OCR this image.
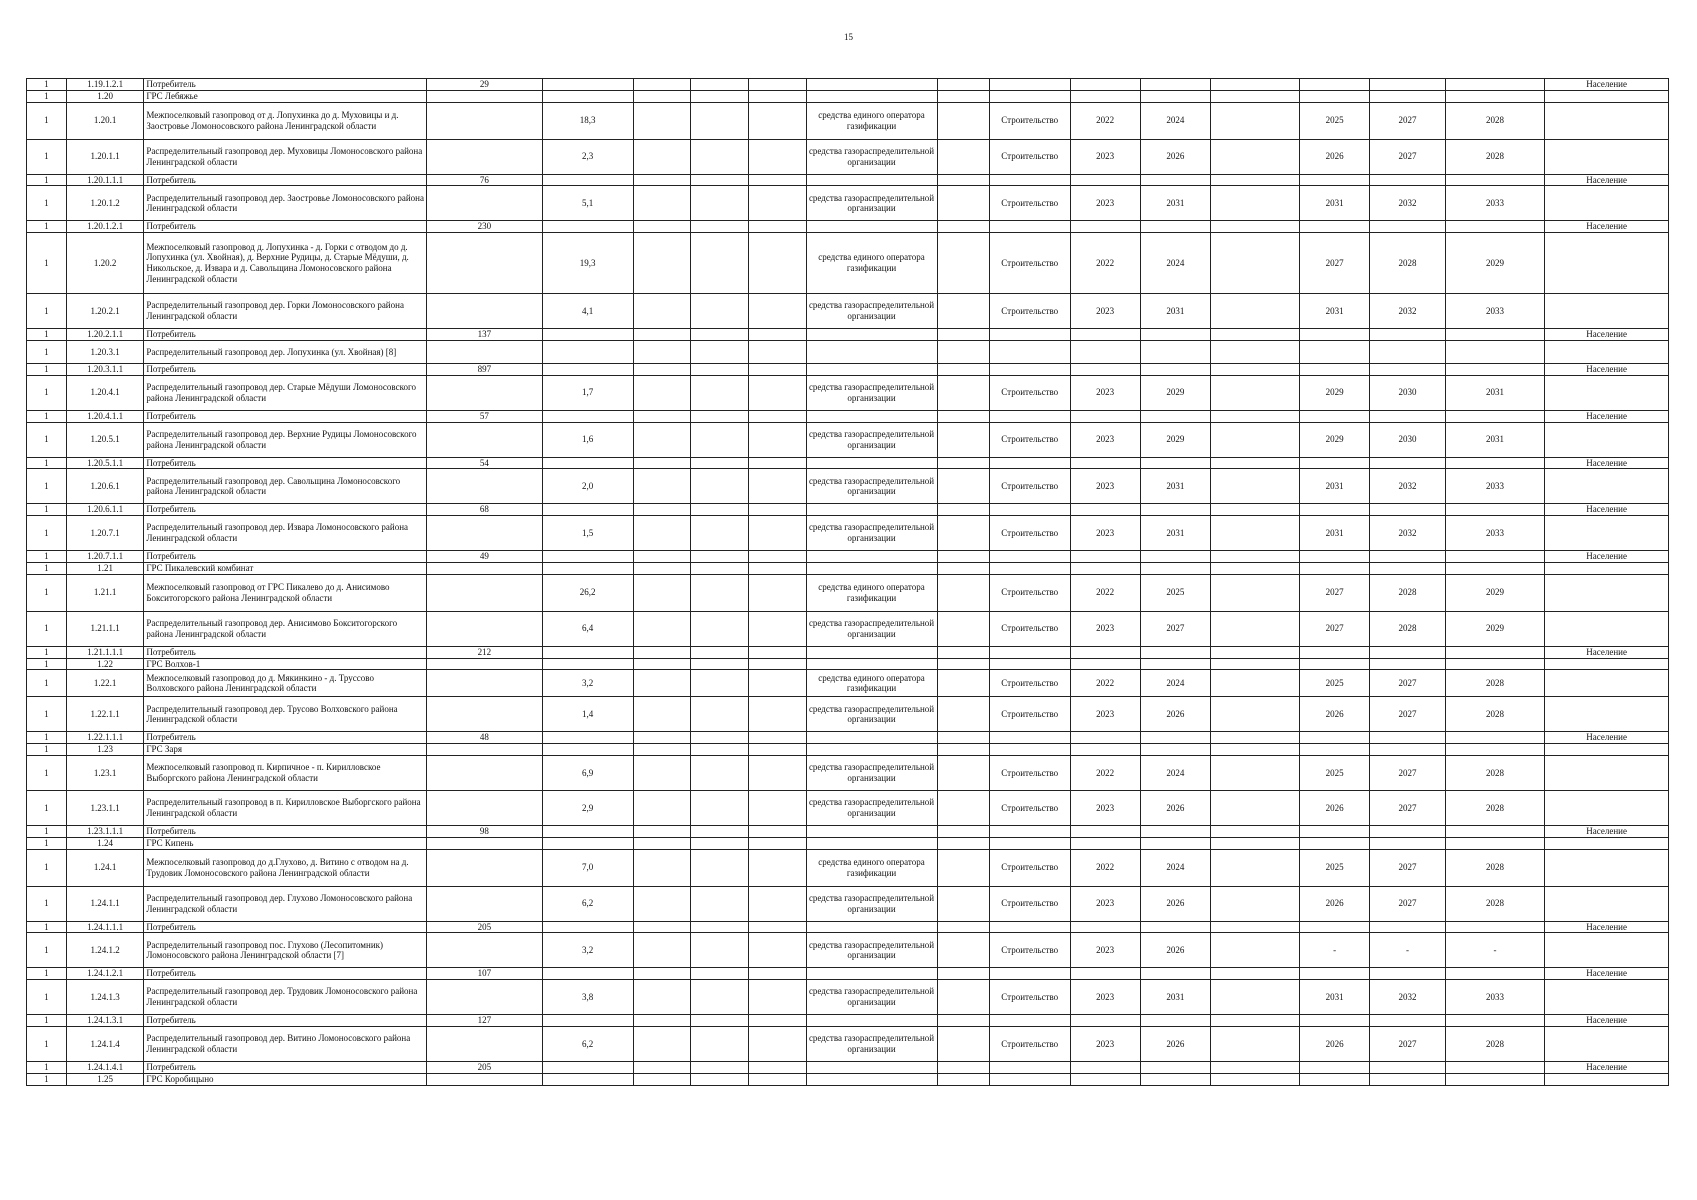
15
1	1.19.1.2.1	Потребитель	29														Население
1	1.20	ГРС Лебяжье															
1	1.20.1	Межпоселковый газопровод от д. Лопухинка до д. Муховицы и д. Заостровье Ломоносовского района Ленинградской области		18,3				средства единого оператора газификации		Строительство	2022	2024		2025	2027	2028	
1	1.20.1.1	Распределительный газопровод дер. Муховицы Ломоносовского района Ленинградской области		2,3				средства газораспределительной организации		Строительство	2023	2026		2026	2027	2028	
1	1.20.1.1.1	Потребитель	76														Население
1	1.20.1.2	Распределительный газопровод дер. Заостровье Ломоносовского района Ленинградской области		5,1				средства газораспределительной организации		Строительство	2023	2031		2031	2032	2033	
1	1.20.1.2.1	Потребитель	230														Население
1	1.20.2	Межпоселковый газопровод д. Лопухинка - д. Горки с отводом до д. Лопухинка (ул. Хвойная), д. Верхние Рудицы, д. Старые Мёдуши, д. Никольское, д. Извара и д. Савольщина Ломоносовского района Ленинградской области		19,3				средства единого оператора газификации		Строительство	2022	2024		2027	2028	2029	
1	1.20.2.1	Распределительный газопровод дер. Горки Ломоносовского района Ленинградской области		4,1				средства газораспределительной организации		Строительство	2023	2031		2031	2032	2033	
1	1.20.2.1.1	Потребитель	137														Население
1	1.20.3.1	Распределительный газопровод дер. Лопухинка (ул. Хвойная) [8]															
1	1.20.3.1.1	Потребитель	897														Население
1	1.20.4.1	Распределительный газопровод дер. Старые Мёдуши Ломоносовского района Ленинградской области		1,7				средства газораспределительной организации		Строительство	2023	2029		2029	2030	2031	
1	1.20.4.1.1	Потребитель	57														Население
1	1.20.5.1	Распределительный газопровод дер. Верхние Рудицы Ломоносовского района Ленинградской области		1,6				средства газораспределительной организации		Строительство	2023	2029		2029	2030	2031	
1	1.20.5.1.1	Потребитель	54														Население
1	1.20.6.1	Распределительный газопровод дер. Савольщина Ломоносовского района Ленинградской области		2,0				средства газораспределительной организации		Строительство	2023	2031		2031	2032	2033	
1	1.20.6.1.1	Потребитель	68														Население
1	1.20.7.1	Распределительный газопровод дер. Извара Ломоносовского района Ленинградской области		1,5				средства газораспределительной организации		Строительство	2023	2031		2031	2032	2033	
1	1.20.7.1.1	Потребитель	49														Население
1	1.21	ГРС Пикалевский комбинат															
1	1.21.1	Межпоселковый газопровод от ГРС Пикалево до д. Анисимово Бокситогорского района Ленинградской области		26,2				средства единого оператора газификации		Строительство	2022	2025		2027	2028	2029	
1	1.21.1.1	Распределительный газопровод дер. Анисимово Бокситогорского района Ленинградской области		6,4				средства газораспределительной организации		Строительство	2023	2027		2027	2028	2029	
1	1.21.1.1.1	Потребитель	212														Население
1	1.22	ГРС Волхов-1															
1	1.22.1	Межпоселковый газопровод до д. Мякинкино - д. Труссово Волховского района Ленинградской области		3,2				средства единого оператора газификации		Строительство	2022	2024		2025	2027	2028	
1	1.22.1.1	Распределительный газопровод дер. Трусово Волховского района Ленинградской области		1,4				средства газораспределительной организации		Строительство	2023	2026		2026	2027	2028	
1	1.22.1.1.1	Потребитель	48														Население
1	1.23	ГРС Заря															
1	1.23.1	Межпоселковый газопровод п. Кирпичное - п. Кирилловское Выборгского района Ленинградской области		6,9				средства газораспределительной организации		Строительство	2022	2024		2025	2027	2028	
1	1.23.1.1	Распределительный газопровод в п. Кирилловское Выборгского района Ленинградской области		2,9				средства газораспределительной организации		Строительство	2023	2026		2026	2027	2028	
1	1.23.1.1.1	Потребитель	98														Население
1	1.24	ГРС Кипень															
1	1.24.1	Межпоселковый газопровод до д.Глухово, д. Витино с отводом на д. Трудовик Ломоносовского района Ленинградской области		7,0				средства единого оператора газификации		Строительство	2022	2024		2025	2027	2028	
1	1.24.1.1	Распределительный газопровод дер. Глухово Ломоносовского района Ленинградской области		6,2				средства газораспределительной организации		Строительство	2023	2026		2026	2027	2028	
1	1.24.1.1.1	Потребитель	205														Население
1	1.24.1.2	Распределительный газопровод пос. Глухово (Лесопитомник) Ломоносовского района Ленинградской области [7]		3,2				средства газораспределительной организации		Строительство	2023	2026		-	-	-	
1	1.24.1.2.1	Потребитель	107														Население
1	1.24.1.3	Распределительный газопровод дер. Трудовик Ломоносовского района Ленинградской области		3,8				средства газораспределительной организации		Строительство	2023	2031		2031	2032	2033	
1	1.24.1.3.1	Потребитель	127														Население
1	1.24.1.4	Распределительный газопровод дер. Витино Ломоносовского района Ленинградской области		6,2				средства газораспределительной организации		Строительство	2023	2026		2026	2027	2028	
1	1.24.1.4.1	Потребитель	205														Население
1	1.25	ГРС Коробицыно															
